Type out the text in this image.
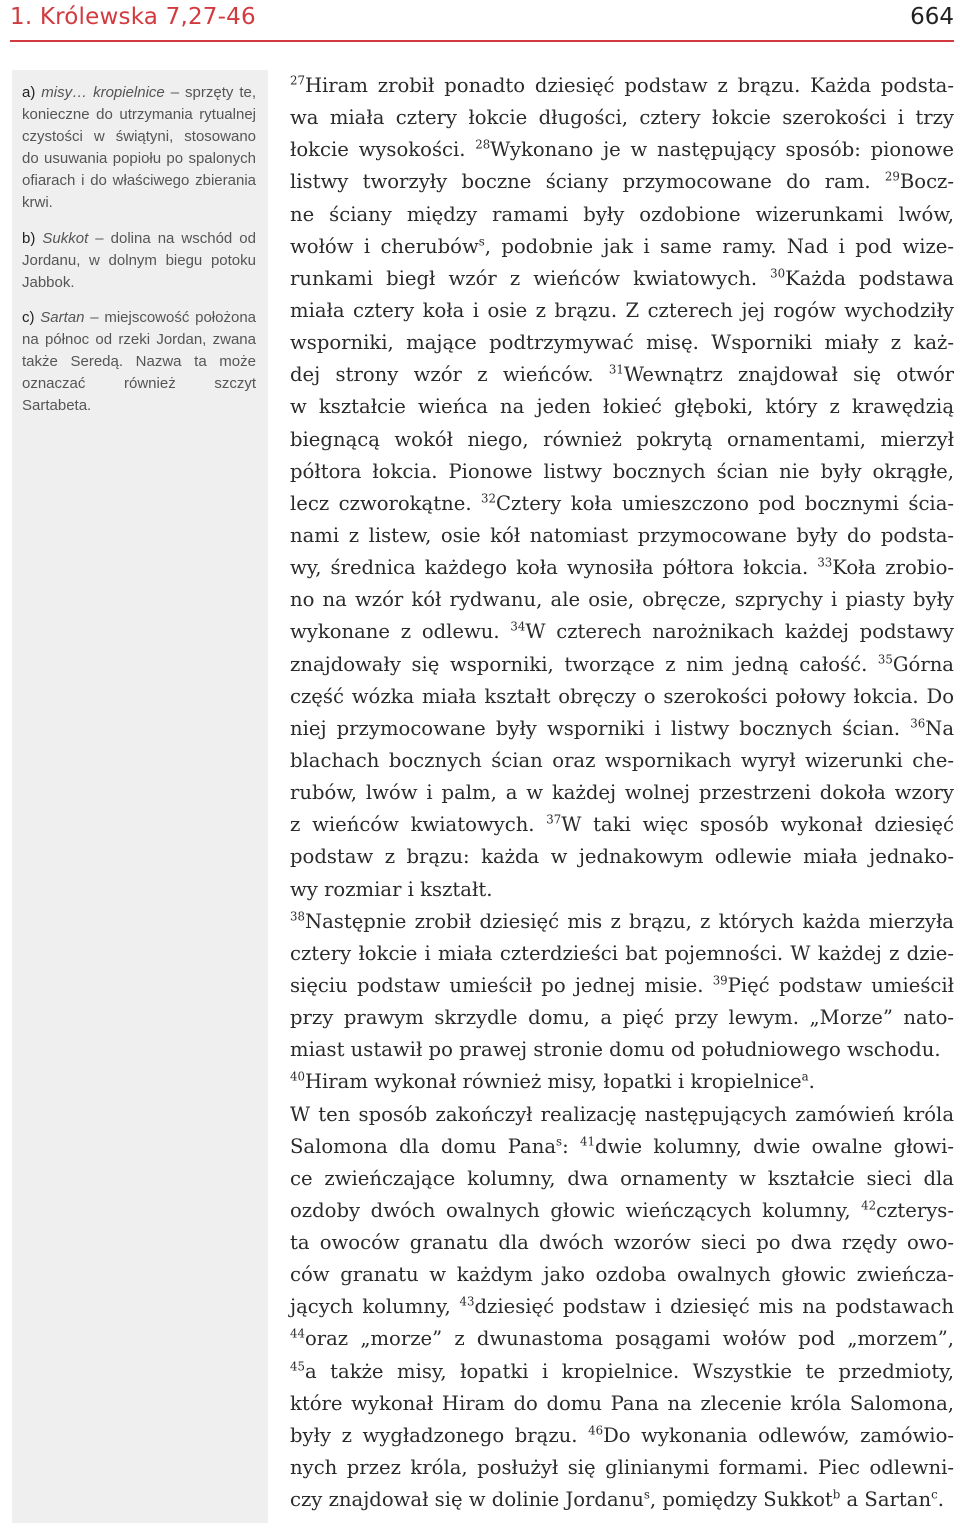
1. Królewska 7,27-46	664

a) misy… kropielnice – sprzęty te, konieczne do utrzymania rytualnej czystości w świątyni, stosowano do usuwania popiołu po spalonych ofiarach i do właściwego zbierania krwi.

b) Sukkot – dolina na wschód od Jordanu, w dolnym biegu potoku Jabbok.

c) Sartan – miejscowość położona na północ od rzeki Jordan, zwana także Seredą. Nazwa ta może oznaczać również szczyt Sartabeta.

$^{27}$Hiram zrobił ponadto dziesięć podstaw z brązu. Każda podsta-
wa miała cztery łokcie długości, cztery łokcie szerokości i trzy
łokcie wysokości. $^{28}$Wykonano je w następujący sposób: pionowe
listwy tworzyły boczne ściany przymocowane do ram. $^{29}$Bocz-
ne ściany między ramami były ozdobione wizerunkami lwów,
wołów i cherubów$^s$, podobnie jak i same ramy. Nad i pod wize-
runkami biegł wzór z wieńców kwiatowych. $^{30}$Każda podstawa
miała cztery koła i osie z brązu. Z czterech jej rogów wychodziły
wsporniki, mające podtrzymywać misę. Wsporniki miały z każ-
dej strony wzór z wieńców. $^{31}$Wewnątrz znajdował się otwór
w kształcie wieńca na jeden łokieć głęboki, który z krawędzią
biegnącą wokół niego, również pokrytą ornamentami, mierzył
półtora łokcia. Pionowe listwy bocznych ścian nie były okrągłe,
lecz czworokątne. $^{32}$Cztery koła umieszczono pod bocznymi ścia-
nami z listew, osie kół natomiast przymocowane były do podsta-
wy, średnica każdego koła wynosiła półtora łokcia. $^{33}$Koła zrobio-
no na wzór kół rydwanu, ale osie, obręcze, szprychy i piasty były
wykonane z odlewu. $^{34}$W czterech narożnikach każdej podstawy
znajdowały się wsporniki, tworzące z nim jedną całość. $^{35}$Górna
część wózka miała kształt obręczy o szerokości połowy łokcia. Do
niej przymocowane były wsporniki i listwy bocznych ścian. $^{36}$Na
blachach bocznych ścian oraz wspornikach wyrył wizerunki che-
rubów, lwów i palm, a w każdej wolnej przestrzeni dokoła wzory
z wieńców kwiatowych. $^{37}$W taki więc sposób wykonał dziesięć
podstaw z brązu: każda w jednakowym odlewie miała jednako-
wy rozmiar i kształt.
$^{38}$Następnie zrobił dziesięć mis z brązu, z których każda mierzyła
cztery łokcie i miała czterdzieści bat pojemności. W każdej z dzie-
sięciu podstaw umieścił po jednej misie. $^{39}$Pięć podstaw umieścił
przy prawym skrzydle domu, a pięć przy lewym. „Morze” nato-
miast ustawił po prawej stronie domu od południowego wschodu.
$^{40}$Hiram wykonał również misy, łopatki i kropielnice$^a$.
W ten sposób zakończył realizację następujących zamówień króla
Salomona dla domu Pana$^s$: $^{41}$dwie kolumny, dwie owalne głowi-
ce zwieńczające kolumny, dwa ornamenty w kształcie sieci dla
ozdoby dwóch owalnych głowic wieńczących kolumny, $^{42}$czterys-
ta owoców granatu dla dwóch wzorów sieci po dwa rzędy owo-
ców granatu w każdym jako ozdoba owalnych głowic zwieńcza-
jących kolumny, $^{43}$dziesięć podstaw i dziesięć mis na podstawach
$^{44}$oraz „morze” z dwunastoma posągami wołów pod „morzem”,
$^{45}$a także misy, łopatki i kropielnice. Wszystkie te przedmioty,
które wykonał Hiram do domu Pana na zlecenie króla Salomona,
były z wygładzonego brązu. $^{46}$Do wykonania odlewów, zamówio-
nych przez króla, posłużył się glinianymi formami. Piec odlewni-
czy znajdował się w dolinie Jordanu$^s$, pomiędzy Sukkot$^b$ a Sartan$^c$.
